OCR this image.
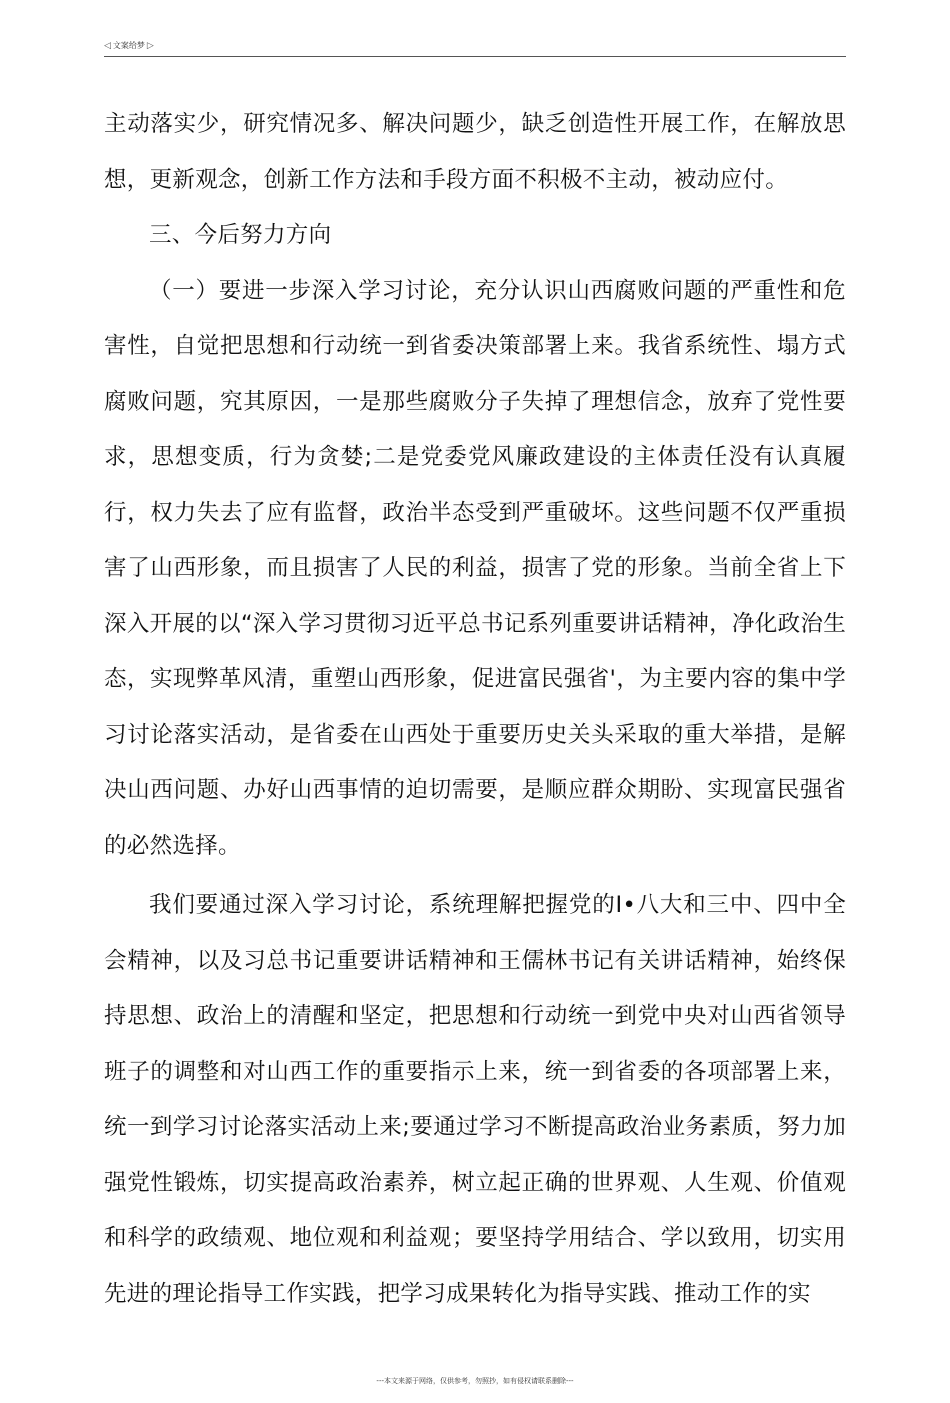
◁ 文案给梦 ▷

主动落实少，研究情况多、解决问题少，缺乏创造性开展工作，在解放思想，更新观念，创新工作方法和手段方面不积极不主动，被动应付。

三、今后努力方向

（一）要进一步深入学习讨论，充分认识山西腐败问题的严重性和危害性，自觉把思想和行动统一到省委决策部署上来。我省系统性、塌方式腐败问题，究其原因，一是那些腐败分子失掉了理想信念，放弃了党性要求，思想变质，行为贪婪;二是党委党风廉政建设的主体责任没有认真履行，权力失去了应有监督，政治半态受到严重破坏。这些问题不仅严重损害了山西形象，而且损害了人民的利益，损害了党的形象。当前全省上下深入开展的以“深入学习贯彻习近平总书记系列重要讲话精神，净化政治生态，实现弊革风清，重塑山西形象，促进富民强省'，为主要内容的集中学习讨论落实活动，是省委在山西处于重要历史关头采取的重大举措，是解决山西问题、办好山西事情的迫切需要，是顺应群众期盼、实现富民强省的必然选择。

我们要通过深入学习讨论，系统理解把握党的I•八大和三中、四中全会精神，以及习总书记重要讲话精神和王儒林书记有关讲话精神，始终保持思想、政治上的清醒和坚定，把思想和行动统一到党中央对山西省领导班子的调整和对山西工作的重要指示上来，统一到省委的各项部署上来，统一到学习讨论落实活动上来;要通过学习不断提高政治业务素质，努力加强党性锻炼，切实提高政治素养，树立起正确的世界观、人生观、价值观和科学的政绩观、地位观和利益观；要坚持学用结合、学以致用，切实用先进的理论指导工作实践，把学习成果转化为指导实践、推动工作的实

---本文来源于网络，仅供参考，勿照抄，如有侵权请联系删除---
